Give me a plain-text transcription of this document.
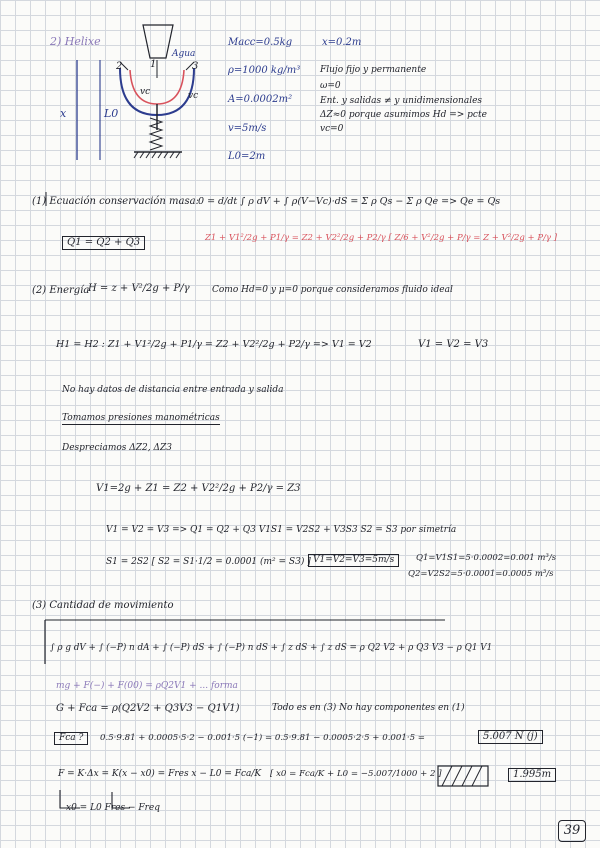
2) Helixe
2	1	3
Agua
vc
vc
x	L0
Macc=0.5kg	x=0.2m
ρ=1000 kg/m³
A=0.0002m²
v=5m/s
L0=2m
Flujo fijo y permanente
ω=0
Ent. y salidas ≠ y unidimensionales
ΔZ≈0 porque asumimos Hd => pcte
vc=0
(1) Ecuación conservación masa: 0 = d/dt ∫ ρ dV + ∫ ρ(V−Vc)·dS = Σ ρ Qs − Σ ρ Qe => Qe = Qs
Q1 = Q2 + Q3	Z1 + V1²/2g + P1/γ = Z2 + V2²/2g + P2/γ [ Z/6 + V²/2g + P/γ = Z + V²/2g + P/γ ]
(2) Energía
H = z + V²/2g + P/γ Como Hd=0 y μ=0 porque consideramos fluido ideal
H1 = H2 : Z1 + V1²/2g + P1/γ = Z2 + V2²/2g + P2/γ => V1 = V2	V1 = V2 = V3
No hay datos de distancia entre entrada y salida
Tomamos presiones manométricas
Despreciamos ΔZ2, ΔZ3
V1=2g + Z1 = Z2 + V2²/2g + P2/γ = Z3
V1 = V2 = V3 => Q1 = Q2 + Q3 V1S1 = V2S2 + V3S3 S2 = S3 por simetría
S1 = 2S2 [ S2 = S1·1/2 = 0.0001 (m² = S3) ] V1=V2=V3=5m/s	Q1=V1S1=5·0.0002=0.001 m³/s
Q2=V2S2=5·0.0001=0.0005 m³/s
(3) Cantidad de movimiento
∫ ρ g dV + ∫ (−P) n dA + ∫ (−P) dS + ∫ (−P) n dS + ∫ z dS + ∫ z dS = ρ Q2 V2 + ρ Q3 V3 − ρ Q1 V1
mg + F(−) + F(00) = ρQ2V1 + ... forma
G + Fca = ρ(Q2V2 + Q3V3 − Q1V1)	Todo es en (3) No hay componentes en (1)
Fca ?	0.5·9.81 + 0.0005·5·2 − 0.001·5 (−1) = 0.5·9.81 − 0.0005·2·5 + 0.001·5 =	5.007 N (j)
F = K·Δx = K(x − x0) = Fres x − L0 = Fca/K [ x0 = Fca/K + L0 = −5.007/1000 + 2 ]	1.995m
x0 = L0 Fres − Freq
39
